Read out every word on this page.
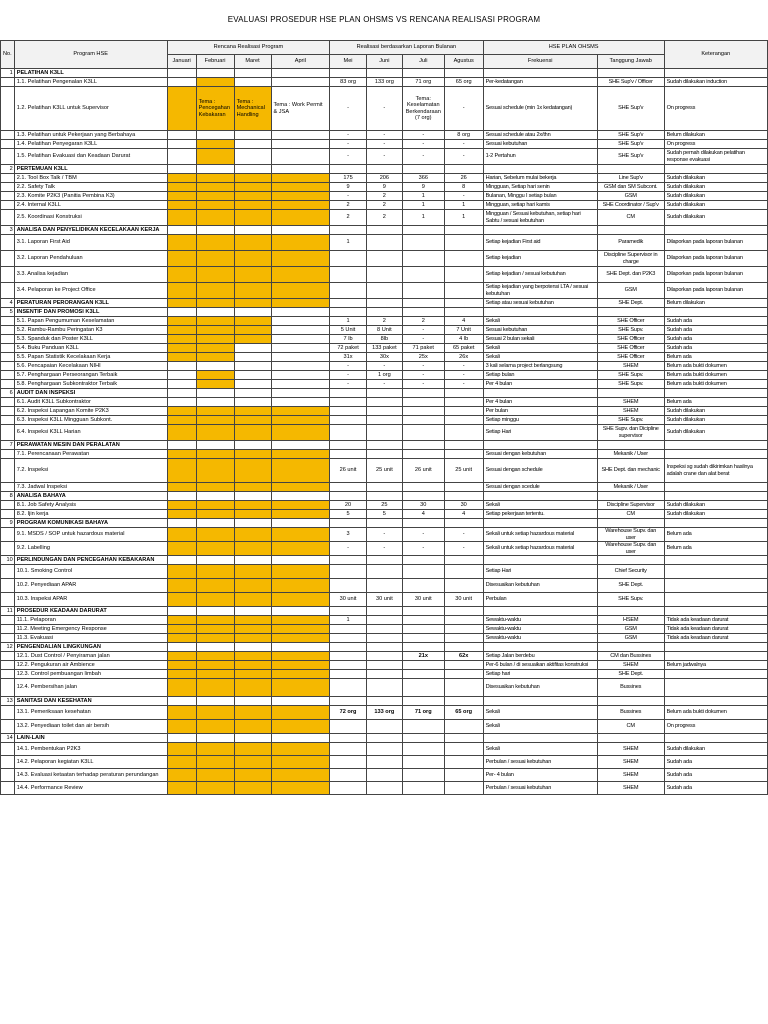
EVALUASI PROSEDUR HSE PLAN OHSMS VS RENCANA REALISASI PROGRAM
No.	Program HSE	Rencana Realisasi Program				Realisasi berdasarkan Laporan Bulanan				HSE PLAN OHSMS		Keterangan
		Januari	Februari	Maret	April	Mei	Juni	Juli	Agustus	Frekuensi	Tanggung Jawab	
1	PELATIHAN K3LL											
	1.1. Pelatihan Pengenalan K3LL					83 org	133 org	71 org	65 org	Per-kedatangan	SHE Sup'v / Officer	Sudah dilakukan induction
	1.2. Pelatihan K3LL untuk Supervisor		Tema : Pencegahan Kebakaran	Tema : Mechanical Handling	Tema : Work Permit & JSA	-	-	Tema: Keselamatan Berkendaraan (7 org)	-	Sesuai schedule (min 1x kedatangan)	SHE Sup'v	On progress
	1.3. Pelatihan untuk Pekerjaan yang Berbahaya					-	-	-	8 org	Sesuai schedule atau 2x/thn	SHE Sup'v	Belum dilakukan
	1.4. Pelatihan Penyegaran K3LL					-	-	-	-	Sesuai kebutuhan	SHE Sup'v	On progress
	1.5. Pelatihan Evakuasi dan Keadaan Darurat					-	-	-	-	1-2 Pertahun	SHE Sup'v	Sudah pernah dilakukan pelatihan response evakuasi
2	PERTEMUAN K3LL											
	2.1. Tool Box Talk / TBM					175	206	366	26	Harian, Sebelum mulai bekerja	Line Sup'v	Sudah dilakukan
	2.2. Safety Talk					9	9	9	8	Mingguan, Setiap hari senin	GSM dan SM Subcont.	Sudah dilakukan
	2.3. Komite P2K3 (Panitia Pembina K3)					-	2	1	-	Bulanan, Minggu I setiap bulan	GSM	Sudah dilakukan
	2.4. Internal K3LL					2	2	1	1	Mingguan, setiap hari kamis	SHE Coordinator / Sup'v	Sudah dilakukan
	2.5. Koordinasi Konstruksi					2	2	1	1	Mingguan / Sesuai kebutuhan, setiap hari Sabtu / sesuai kebutuhan	CM	Sudah dilakukan
3	ANALISA DAN PENYELIDIKAN KECELAKAAN KERJA											
	3.1. Laporan First Aid					1				Setiap kejadian First aid	Paramedik	Dilaporkan pada laporan bulanan
	3.2. Laporan Pendahuluan									Setiap kejadian	Discipline Supervisor in charge	Dilaporkan pada laporan bulanan
	3.3. Analisa kejadian									Setiap kejadian / sesuai kebutuhan	SHE Dept. dan P2K3	Dilaporkan pada laporan bulanan
	3.4. Pelaporan ke Project Office									Setiap kejadian yang berpotensi LTA / sesuai kebutuhan	GSM	Dilaporkan pada laporan bulanan
4	PERATURAN PERORANGAN K3LL									Setiap atau sesuai kebutuhan	SHE Dept.	Belum dilakukan
5	INSENTIF DAN PROMOSI K3LL											
	5.1. Papan Pengumuman Keselamatan					1	2	2	4	Sekali	SHE Officer	Sudah ada
	5.2. Rambu-Rambu Peringatan K3					5 Unit	8 Unit	-	7 Unit	Sesuai kebutuhan	SHE Supv.	Sudah ada
	5.3. Spanduk dan Poster K3LL					7 lb	8lb	-	4 lb	Sesuai 2 bulan sekali	SHE Officer	Sudah ada
	5.4. Buku Panduan K3LL					72 paket	133 paket	71 paket	65 paket	Sekali	SHE Officer	Sudah ada
	5.5. Papan Statistik Kecelakaan Kerja					31x	30x	25x	26x	Sekali	SHE Officer	Belum ada
	5.6. Pencapaian Kecelakaan NIHI					-	-	-	-	3 kali selama project berlangsung	SHEM	Belum ada bukti dokumen
	5.7. Penghargaan Perseorangan Terbaik					-	1 org	-	-	Setiap bulan	SHE Supv.	Belum ada bukti dokumen
	5.8. Penghargaan Subkontraktor Terbaik					-	-	-	-	Per 4 bulan	SHE Supv.	Belum ada bukti dokumen
6	AUDIT DAN INSPEKSI											
	6.1. Audit K3LL Subkontraktor									Per 4 bulan	SHEM	Belum ada
	6.2. Inspeksi Lapangan Komite P2K3									Per bulan	SHEM	Sudah dilakukan
	6.3. Inspeksi K3LL Mingguan Subkont.									Setiap minggu	SHE Supv.	Sudah dilakukan
	6.4. Inspeksi K3LL Harian									Setiap Hari	SHE Supv. dan Dicipline supervisor	Sudah dilakukan
7	PERAWATAN MESIN DAN PERALATAN											
	7.1. Perencanaan Perawatan									Sesuai dengan kebutuhan	Mekanik / User	
	7.2. Inspeksi					26 unit	25 unit	26 unit	25 unit	Sesuai dengan schedule	SHE Dept. dan mechanic	Inspeksi sg sudah dikirimkan hasilnya adalah crane dan alat berat
	7.3. Jadwal Inspeksi									Sesuai dengan scedule	Mekanik / User	
8	ANALISA BAHAYA											
	8.1. Job Safety Analysis					20	25	30	30	Sekali	Discipline Supervisor	Sudah dilakukan
	8.2. Ijin kerja					5	5	4	4	Setiap pekerjaan tertentu.	CM	Sudah dilakukan
9	PROGRAM KOMUNIKASI BAHAYA											
	9.1. MSDS / SOP untuk hazardous material					3	-	-	-	Sekali untuk setiap hazardous material	Warehouse Supv. dan user	Belum ada
	9.2. Labelling					-	-	-	-	Sekali untuk setiap hazardous material	Warehouse Supv. dan user	Belum ada
10	PERLINDUNGAN DAN PENCEGAHAN KEBAKARAN											
	10.1. Smoking Control									Setiap Hari	Chief Security	
	10.2. Penyediaan APAR									Disesuaikan kebutuhan	SHE Dept.	
	10.3. Inspeksi APAR					30 unit	30 unit	30 unit	30 unit	Perbulan	SHE Supv.	
11	PROSEDUR KEADAAN DARURAT											
	11.1. Pelaporan					1				Sewaktu-waktu	HSEM	Tidak ada keadaan darurat
	11.2. Meeting Emergency Response									Sewaktu-waktu	GSM	Tidak ada keadaan darurat
	11.3. Evakuasi									Sewaktu-waktu	GSM	Tidak ada keadaan darurat
12	PENGENDALIAN LINGKUNGAN											
	12.1. Dust Control / Penyiraman jalan							21x	62x	Setiap Jalan berdebu	CM dan Bussines	
	12.2. Pengukuran air Ambience									Per-6 bulan / di sesuaikan aktifitas konstruksi	SHEM	Belum jadwalnya
	12.3. Control pembuangan limbah									Setiap hari	SHE Dept.	
	12.4. Pembersihan jalan									Disesuaikan kebutuhan	Bussines	
13	SANITASI DAN KESEHATAN											
	13.1. Pemeriksaan kesehatan					72 org	133 org	71 org	65 org	Sekali	Bussines	Belum ada bukti dokumen
	13.2. Penyediaan toilet dan air bersih									Sekali	CM	On progress
14	LAIN-LAIN											
	14.1. Pembentukan P2K3									Sekali	SHEM	Sudah dilakukan
	14.2. Pelaporan kegiatan K3LL									Perbulan / sesuai kebutuhan	SHEM	Sudah ada
	14.3. Evaluasi ketaatan terhadap peraturan perundangan									Per- 4 bulan	SHEM	Sudah ada
	14.4. Performance Review									Perbulan / sesuai kebutuhan	SHEM	Sudah ada
